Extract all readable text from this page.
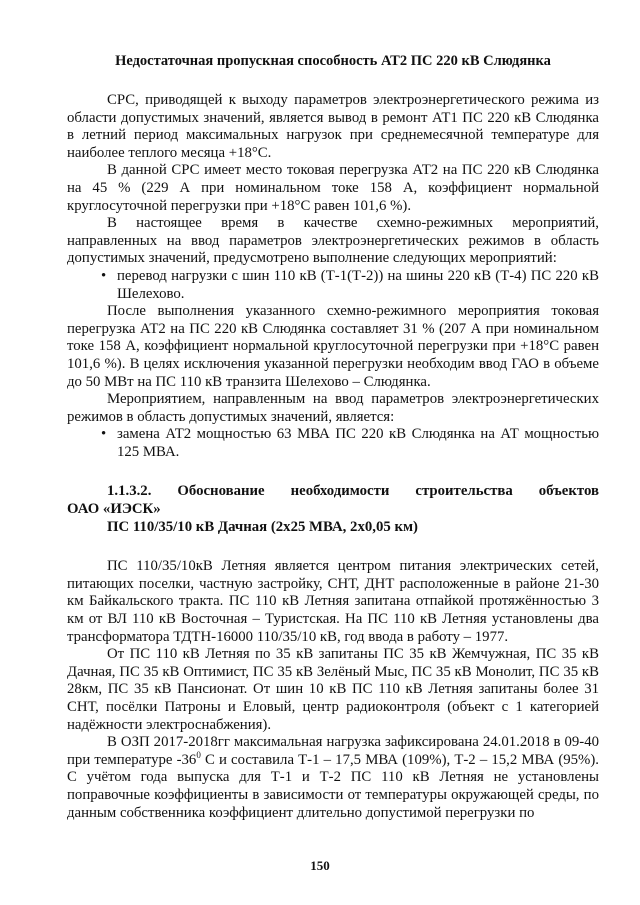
Недостаточная пропускная способность АТ2 ПС 220 кВ Слюдянка

СРС, приводящей к выходу параметров электроэнергетического режима из области допустимых значений, является вывод в ремонт АТ1 ПС 220 кВ Слюдянка в летний период максимальных нагрузок при среднемесячной температуре для наиболее теплого месяца +18°С.

В данной СРС имеет место токовая перегрузка АТ2 на ПС 220 кВ Слюдянка на 45 % (229 А при номинальном токе 158 А, коэффициент нормальной круглосуточной перегрузки при +18°С равен 101,6 %).

В настоящее время в качестве схемно-режимных мероприятий, направленных на ввод параметров электроэнергетических режимов в область допустимых значений, предусмотрено выполнение следующих мероприятий:

• перевод нагрузки с шин 110 кВ (Т-1(Т-2)) на шины 220 кВ (Т-4) ПС 220 кВ Шелехово.

После выполнения указанного схемно-режимного мероприятия токовая перегрузка АТ2 на ПС 220 кВ Слюдянка составляет 31 % (207 А при номинальном токе 158 А, коэффициент нормальной круглосуточной перегрузки при +18°С равен 101,6 %). В целях исключения указанной перегрузки необходим ввод ГАО в объеме до 50 МВт на ПС 110 кВ транзита Шелехово – Слюдянка.

Мероприятием, направленным на ввод параметров электроэнергетических режимов в область допустимых значений, является:

• замена АТ2 мощностью 63 МВА ПС 220 кВ Слюдянка на АТ мощностью 125 МВА.
1.1.3.2. Обоснование необходимости строительства объектов
ОАО «ИЭСК»
ПС 110/35/10 кВ Дачная (2х25 МВА, 2х0,05 км)

ПС 110/35/10кВ Летняя является центром питания электрических сетей, питающих поселки, частную застройку, СНТ, ДНТ расположенные в районе 21-30 км Байкальского тракта. ПС 110 кВ Летняя запитана отпайкой протяжённостью 3 км от ВЛ 110 кВ Восточная – Туристская. На ПС 110 кВ Летняя установлены два трансформатора ТДТН-16000 110/35/10 кВ, год ввода в работу – 1977.

От ПС 110 кВ Летняя по 35 кВ запитаны ПС 35 кВ Жемчужная, ПС 35 кВ Дачная, ПС 35 кВ Оптимист, ПС 35 кВ Зелёный Мыс, ПС 35 кВ Монолит, ПС 35 кВ 28км, ПС 35 кВ Пансионат. От шин 10 кВ ПС 110 кВ Летняя запитаны более 31 СНТ, посёлки Патроны и Еловый, центр радиоконтроля (объект с 1 категорией надёжности электроснабжения).

В ОЗП 2017-2018гг максимальная нагрузка зафиксирована 24.01.2018 в 09-40 при температуре $-36^0$ С и составила Т-1 – 17,5 МВА (109%), Т-2 – 15,2 МВА (95%). С учётом года выпуска для Т-1 и Т-2 ПС 110 кВ Летняя не установлены поправочные коэффициенты в зависимости от температуры окружающей среды, по данным собственника коэффициент длительно допустимой перегрузки по

150
